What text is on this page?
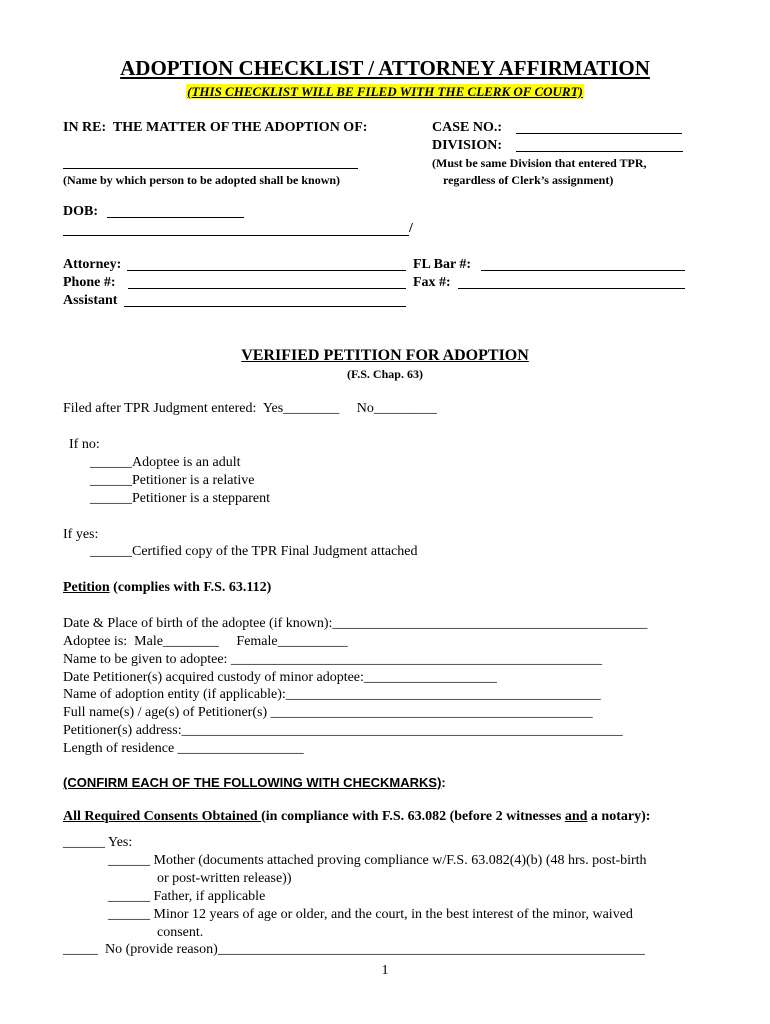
ADOPTION CHECKLIST / ATTORNEY AFFIRMATION
(THIS CHECKLIST WILL BE FILED WITH THE CLERK OF COURT)
IN RE:  THE MATTER OF THE ADOPTION OF:
(Name by which person to be adopted shall be known)
CASE NO.:
DIVISION:
(Must be same Division that entered TPR,
regardless of Clerk’s assignment)
DOB:
/
Attorney:	FL Bar #:
Phone #:	Fax #:
Assistant
VERIFIED PETITION FOR ADOPTION
(F.S. Chap. 63)
Filed after TPR Judgment entered:  Yes________     No_________
If no:
______Adoptee is an adult
______Petitioner is a relative
______Petitioner is a stepparent
If yes:
______Certified copy of the TPR Final Judgment attached
Petition (complies with F.S. 63.112)
Date & Place of birth of the adoptee (if known):_____________________________________________
Adoptee is:  Male________     Female__________
Name to be given to adoptee: _____________________________________________________
Date Petitioner(s) acquired custody of minor adoptee:___________________
Name of adoption entity (if applicable):_____________________________________________
Full name(s) / age(s) of Petitioner(s) ______________________________________________
Petitioner(s) address:_______________________________________________________________
Length of residence __________________
(CONFIRM EACH OF THE FOLLOWING WITH CHECKMARKS):
All Required Consents Obtained (in compliance with F.S. 63.082 (before 2 witnesses and a notary):
______ Yes:
______ Mother (documents attached proving compliance w/F.S. 63.082(4)(b) (48 hrs. post-birth
or post-written release))
______ Father, if applicable
______ Minor 12 years of age or older, and the court, in the best interest of the minor, waived
consent.
_____  No (provide reason)_____________________________________________________________
1
